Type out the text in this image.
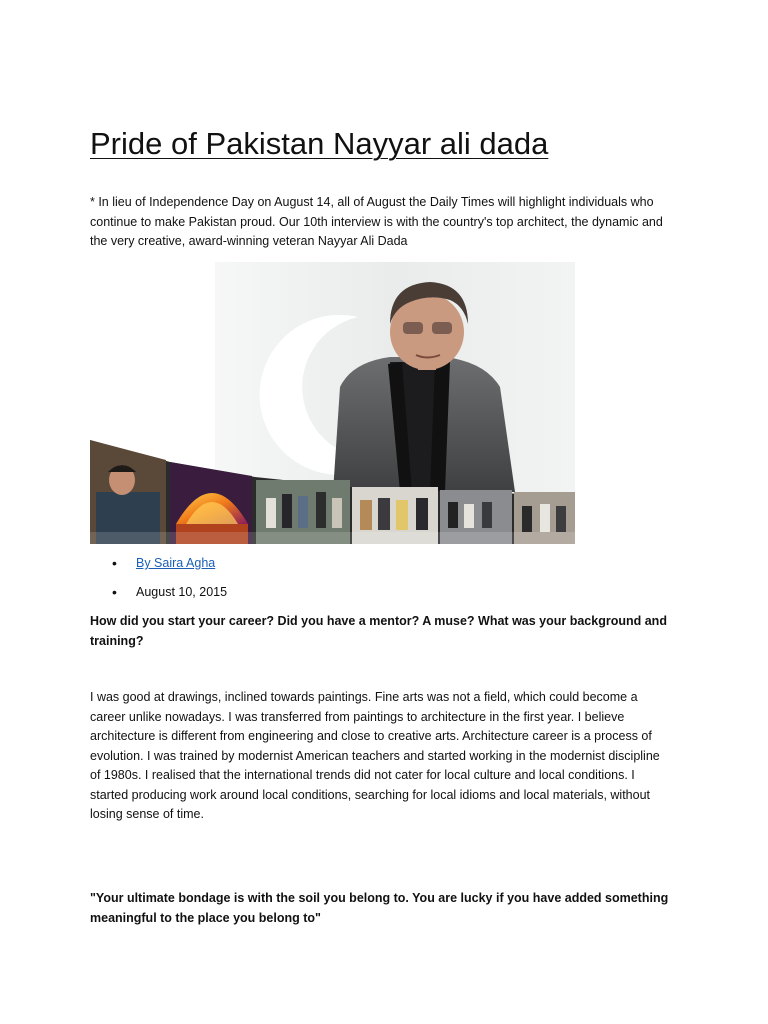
Pride of Pakistan Nayyar ali dada

* In lieu of Independence Day on August 14, all of August the Daily Times will highlight individuals who continue to make Pakistan proud. Our 10th interview is with the country's top architect, the dynamic and the very creative, award-winning veteran Nayyar Ali Dada

• By Saira Agha
• August 10, 2015

How did you start your career? Did you have a mentor? A muse? What was your background and training?

I was good at drawings, inclined towards paintings. Fine arts was not a field, which could become a career unlike nowadays. I was transferred from paintings to architecture in the first year. I believe architecture is different from engineering and close to creative arts. Architecture career is a process of evolution. I was trained by modernist American teachers and started working in the modernist discipline of 1980s. I realised that the international trends did not cater for local culture and local conditions. I started producing work around local conditions, searching for local idioms and local materials, without losing sense of time.

"Your ultimate bondage is with the soil you belong to. You are lucky if you have added something meaningful to the place you belong to"
